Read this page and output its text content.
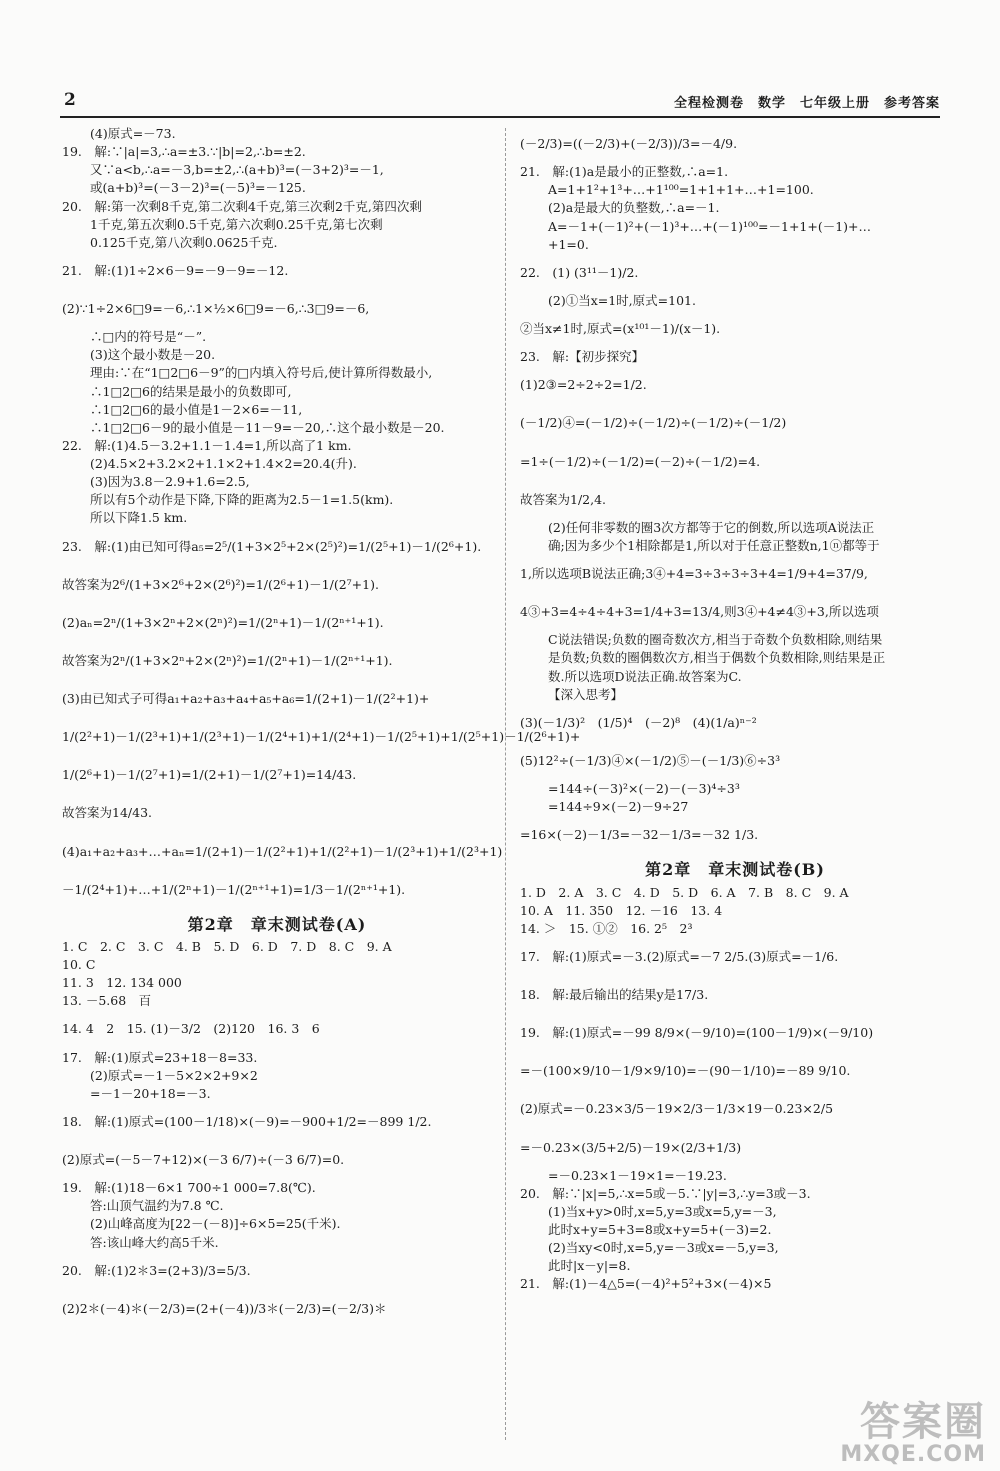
2	全程检测卷　数学　七年级上册　参考答案
(4)原式=－73.
19.　解:∵|a|=3,∴a=±3.∵|b|=2,∴b=±2.
又∵a<b,∴a=－3,b=±2,∴(a+b)³=(－3+2)³=－1,
或(a+b)³=(－3－2)³=(－5)³=－125.
20.　解:第一次剩8千克,第二次剩4千克,第三次剩2千克,第四次剩
1千克,第五次剩0.5千克,第六次剩0.25千克,第七次剩
0.125千克,第八次剩0.0625千克.
21.　解:(1)1÷2×6－9=－9－9=－12.
(2)∵1÷2×6□9=－6,∴1×½×6□9=－6,∴3□9=－6,
∴□内的符号是“－”.
(3)这个最小数是－20.
理由:∵在“1□2□6－9”的□内填入符号后,使计算所得数最小,
∴1□2□6的结果是最小的负数即可,
∴1□2□6的最小值是1－2×6=－11,
∴1□2□6－9的最小值是－11－9=－20,∴这个最小数是－20.
22.　解:(1)4.5－3.2+1.1－1.4=1,所以高了1 km.
(2)4.5×2+3.2×2+1.1×2+1.4×2=20.4(升).
(3)因为3.8－2.9+1.6=2.5,
所以有5个动作是下降,下降的距离为2.5－1=1.5(km).
所以下降1.5 km.
23.　解:(1)由已知可得a₅=2⁵/(1+3×2⁵+2×(2⁵)²)=1/(2⁵+1)－1/(2⁶+1).
故答案为2⁶/(1+3×2⁶+2×(2⁶)²)=1/(2⁶+1)－1/(2⁷+1).
(2)aₙ=2ⁿ/(1+3×2ⁿ+2×(2ⁿ)²)=1/(2ⁿ+1)－1/(2ⁿ⁺¹+1).
故答案为2ⁿ/(1+3×2ⁿ+2×(2ⁿ)²)=1/(2ⁿ+1)－1/(2ⁿ⁺¹+1).
(3)由已知式子可得a₁+a₂+a₃+a₄+a₅+a₆=1/(2+1)－1/(2²+1)+
1/(2²+1)－1/(2³+1)+1/(2³+1)－1/(2⁴+1)+1/(2⁴+1)－1/(2⁵+1)+1/(2⁵+1)－1/(2⁶+1)+
1/(2⁶+1)－1/(2⁷+1)=1/(2+1)－1/(2⁷+1)=14/43.
故答案为14/43.
(4)a₁+a₂+a₃+…+aₙ=1/(2+1)－1/(2²+1)+1/(2²+1)－1/(2³+1)+1/(2³+1)
－1/(2⁴+1)+…+1/(2ⁿ+1)－1/(2ⁿ⁺¹+1)=1/3－1/(2ⁿ⁺¹+1).
第2章　章末测试卷(A)
1. C　2. C　3. C　4. B　5. D　6. D　7. D　8. C　9. A
10. C
11. 3　12. 134 000
13. －5.68　百
14. 4　2　15. (1)－3/2　(2)120　16. 3　6
17.　解:(1)原式=23+18－8=33.
(2)原式=－1－5×2×2+9×2
=－1－20+18=－3.
18.　解:(1)原式=(100－1/18)×(－9)=－900+1/2=－899 1/2.
(2)原式=(－5－7+12)×(－3 6/7)÷(－3 6/7)=0.
19.　解:(1)18－6×1 700÷1 000=7.8(℃).
答:山顶气温约为7.8 ℃.
(2)山峰高度为[22－(－8)]÷6×5=25(千米).
答:该山峰大约高5千米.
20.　解:(1)2＊3=(2+3)/3=5/3.
(2)2＊(－4)＊(－2/3)=(2+(－4))/3＊(－2/3)=(－2/3)＊
(－2/3)=((－2/3)+(－2/3))/3=－4/9.
21.　解:(1)a是最小的正整数,∴a=1.
A=1+1²+1³+…+1¹⁰⁰=1+1+1+…+1=100.
(2)a是最大的负整数,∴a=－1.
A=－1+(－1)²+(－1)³+…+(－1)¹⁰⁰=－1+1+(－1)+…
+1=0.
22.　(1) (3¹¹－1)/2.
(2)①当x=1时,原式=101.
②当x≠1时,原式=(x¹⁰¹－1)/(x－1).
23.　解:【初步探究】
(1)2③=2÷2÷2=1/2.
(－1/2)④=(－1/2)÷(－1/2)÷(－1/2)÷(－1/2)
=1÷(－1/2)÷(－1/2)=(－2)÷(－1/2)=4.
故答案为1/2,4.
(2)任何非零数的圈3次方都等于它的倒数,所以选项A说法正
确;因为多少个1相除都是1,所以对于任意正整数n,1ⓝ都等于
1,所以选项B说法正确;3④+4=3÷3÷3÷3+4=1/9+4=37/9,
4③+3=4÷4÷4+3=1/4+3=13/4,则3④+4≠4③+3,所以选项
C说法错误;负数的圈奇数次方,相当于奇数个负数相除,则结果
是负数;负数的圈偶数次方,相当于偶数个负数相除,则结果是正
数.所以选项D说法正确.故答案为C.
【深入思考】
(3)(－1/3)²　(1/5)⁴　(－2)⁸　(4)(1/a)ⁿ⁻²
(5)12²÷(－1/3)④×(－1/2)⑤－(－1/3)⑥÷3³
=144÷(－3)²×(－2)－(－3)⁴÷3³
=144÷9×(－2)－9÷27
=16×(－2)－1/3=－32－1/3=－32 1/3.
第2章　章末测试卷(B)
1. D　2. A　3. C　4. D　5. D　6. A　7. B　8. C　9. A
10. A　11. 350　12. －16　13. 4
14. ＞　15. ①②　16. 2⁵　2³
17.　解:(1)原式=－3.(2)原式=－7 2/5.(3)原式=－1/6.
18.　解:最后输出的结果y是17/3.
19.　解:(1)原式=－99 8/9×(－9/10)=(100－1/9)×(－9/10)
=－(100×9/10－1/9×9/10)=－(90－1/10)=－89 9/10.
(2)原式=－0.23×3/5－19×2/3－1/3×19－0.23×2/5
=－0.23×(3/5+2/5)－19×(2/3+1/3)
=－0.23×1－19×1=－19.23.
20.　解:∵|x|=5,∴x=5或－5.∵|y|=3,∴y=3或－3.
(1)当x+y>0时,x=5,y=3或x=5,y=－3,
此时x+y=5+3=8或x+y=5+(－3)=2.
(2)当xy<0时,x=5,y=－3或x=－5,y=3,
此时|x－y|=8.
21.　解:(1)－4△5=(－4)²+5²+3×(－4)×5
答案圈
MXQE.COM
